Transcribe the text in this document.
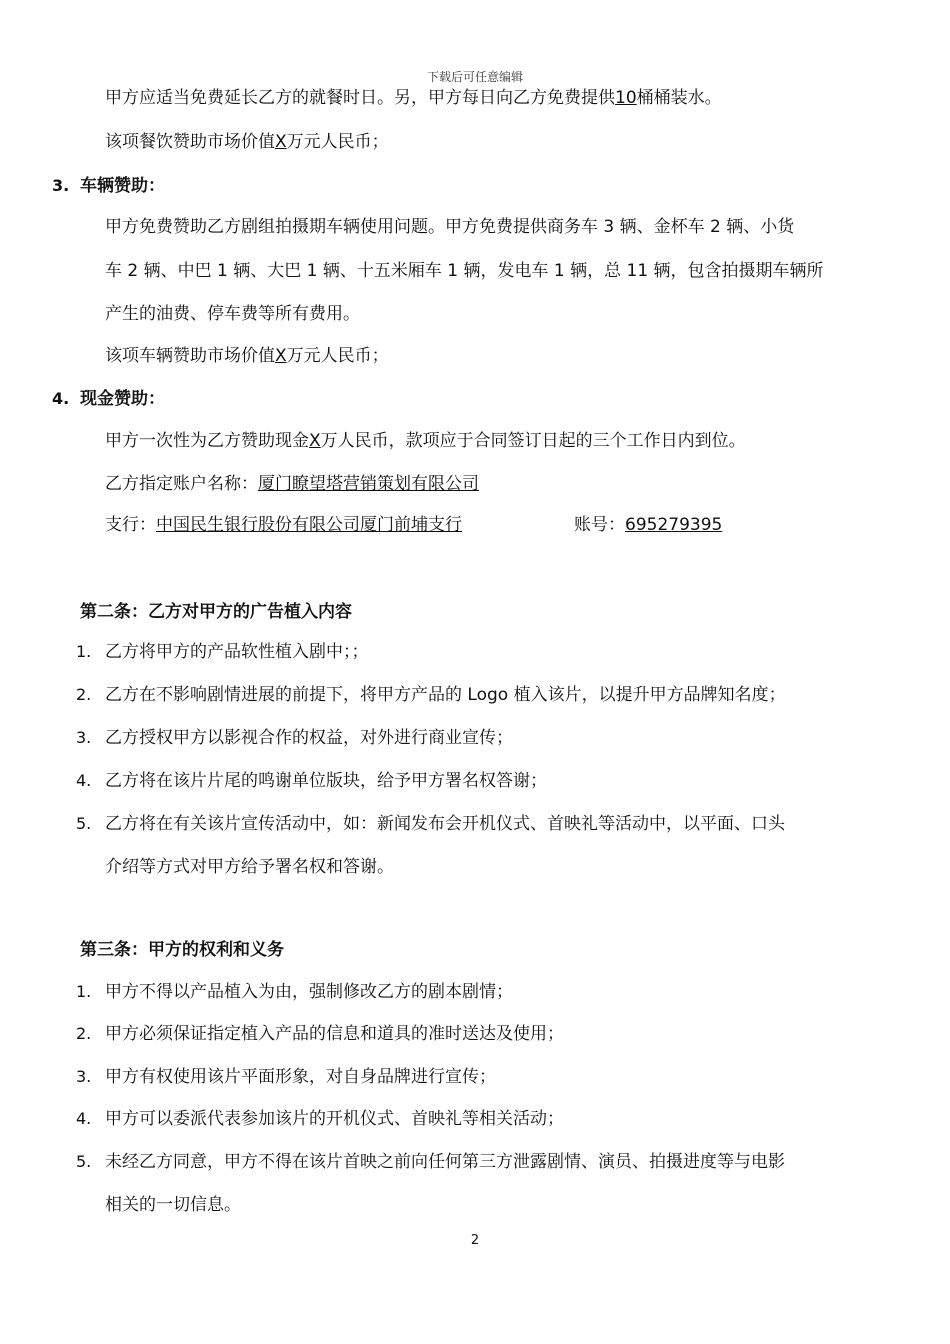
下载后可任意编辑
甲方应适当免费延长乙方的就餐时日。另，甲方每日向乙方免费提供10桶桶装水。
该项餐饮赞助市场价值X万元人民币；
3. 车辆赞助：
甲方免费赞助乙方剧组拍摄期车辆使用问题。甲方免费提供商务车 3 辆、金杯车 2 辆、小货
车 2 辆、中巴 1 辆、大巴 1 辆、十五米厢车 1 辆，发电车 1 辆，总 11 辆，包含拍摄期车辆所
产生的油费、停车费等所有费用。
该项车辆赞助市场价值X万元人民币；
4. 现金赞助：
甲方一次性为乙方赞助现金X万人民币，款项应于合同签订日起的三个工作日内到位。
乙方指定账户名称：厦门瞭望塔营销策划有限公司
支行：中国民生银行股份有限公司厦门前埔支行	账号：695279395
第二条：乙方对甲方的广告植入内容
1. 乙方将甲方的产品软性植入剧中；；
2. 乙方在不影响剧情进展的前提下，将甲方产品的 Logo 植入该片，以提升甲方品牌知名度；
3. 乙方授权甲方以影视合作的权益，对外进行商业宣传；
4. 乙方将在该片片尾的鸣谢单位版块，给予甲方署名权答谢；
5. 乙方将在有关该片宣传活动中，如：新闻发布会开机仪式、首映礼等活动中，以平面、口头
介绍等方式对甲方给予署名权和答谢。
第三条：甲方的权利和义务
1. 甲方不得以产品植入为由，强制修改乙方的剧本剧情；
2. 甲方必须保证指定植入产品的信息和道具的准时送达及使用；
3. 甲方有权使用该片平面形象，对自身品牌进行宣传；
4. 甲方可以委派代表参加该片的开机仪式、首映礼等相关活动；
5. 未经乙方同意，甲方不得在该片首映之前向任何第三方泄露剧情、演员、拍摄进度等与电影
相关的一切信息。
2
